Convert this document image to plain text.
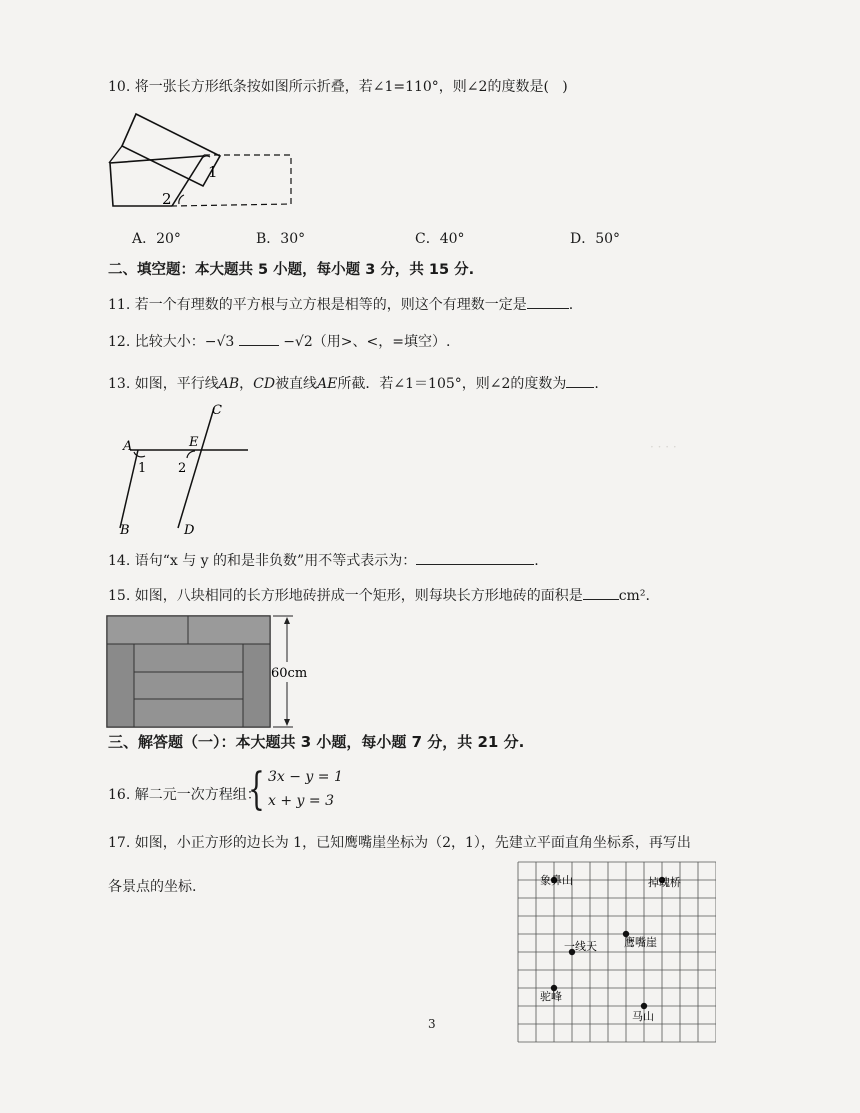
· · · ·
10. 将一张长方形纸条按如图所示折叠，若∠1=110°，则∠2的度数是( )
1
2
A．20°	B．30°	C．40°	D．50°
二、填空题：本大题共 5 小题，每小题 3 分，共 15 分.
11. 若一个有理数的平方根与立方根是相等的，则这个有理数一定是	.
12. 比较大小：−√3	−√2（用>、<，=填空）.
13. 如图，平行线AB，CD被直线AE所截．若∠1＝105°，则∠2的度数为 .
A
B
C
D
E
1 2
14. 语句“x 与 y 的和是非负数”用不等式表示为：	.
15. 如图，八块相同的长方形地砖拼成一个矩形，则每块长方形地砖的面积是	cm².
60cm
三、解答题（一）：本大题共 3 小题，每小题 7 分，共 21 分.
16. 解二元一次方程组：
{ 3x − y = 1
x + y = 3
17. 如图，小正方形的边长为 1，已知鹰嘴崖坐标为（2，1），先建立平面直角坐标系，再写出
各景点的坐标.	象鼻山	掉魂桥
一线天 鹰嘴崖
驼峰
马山
3
